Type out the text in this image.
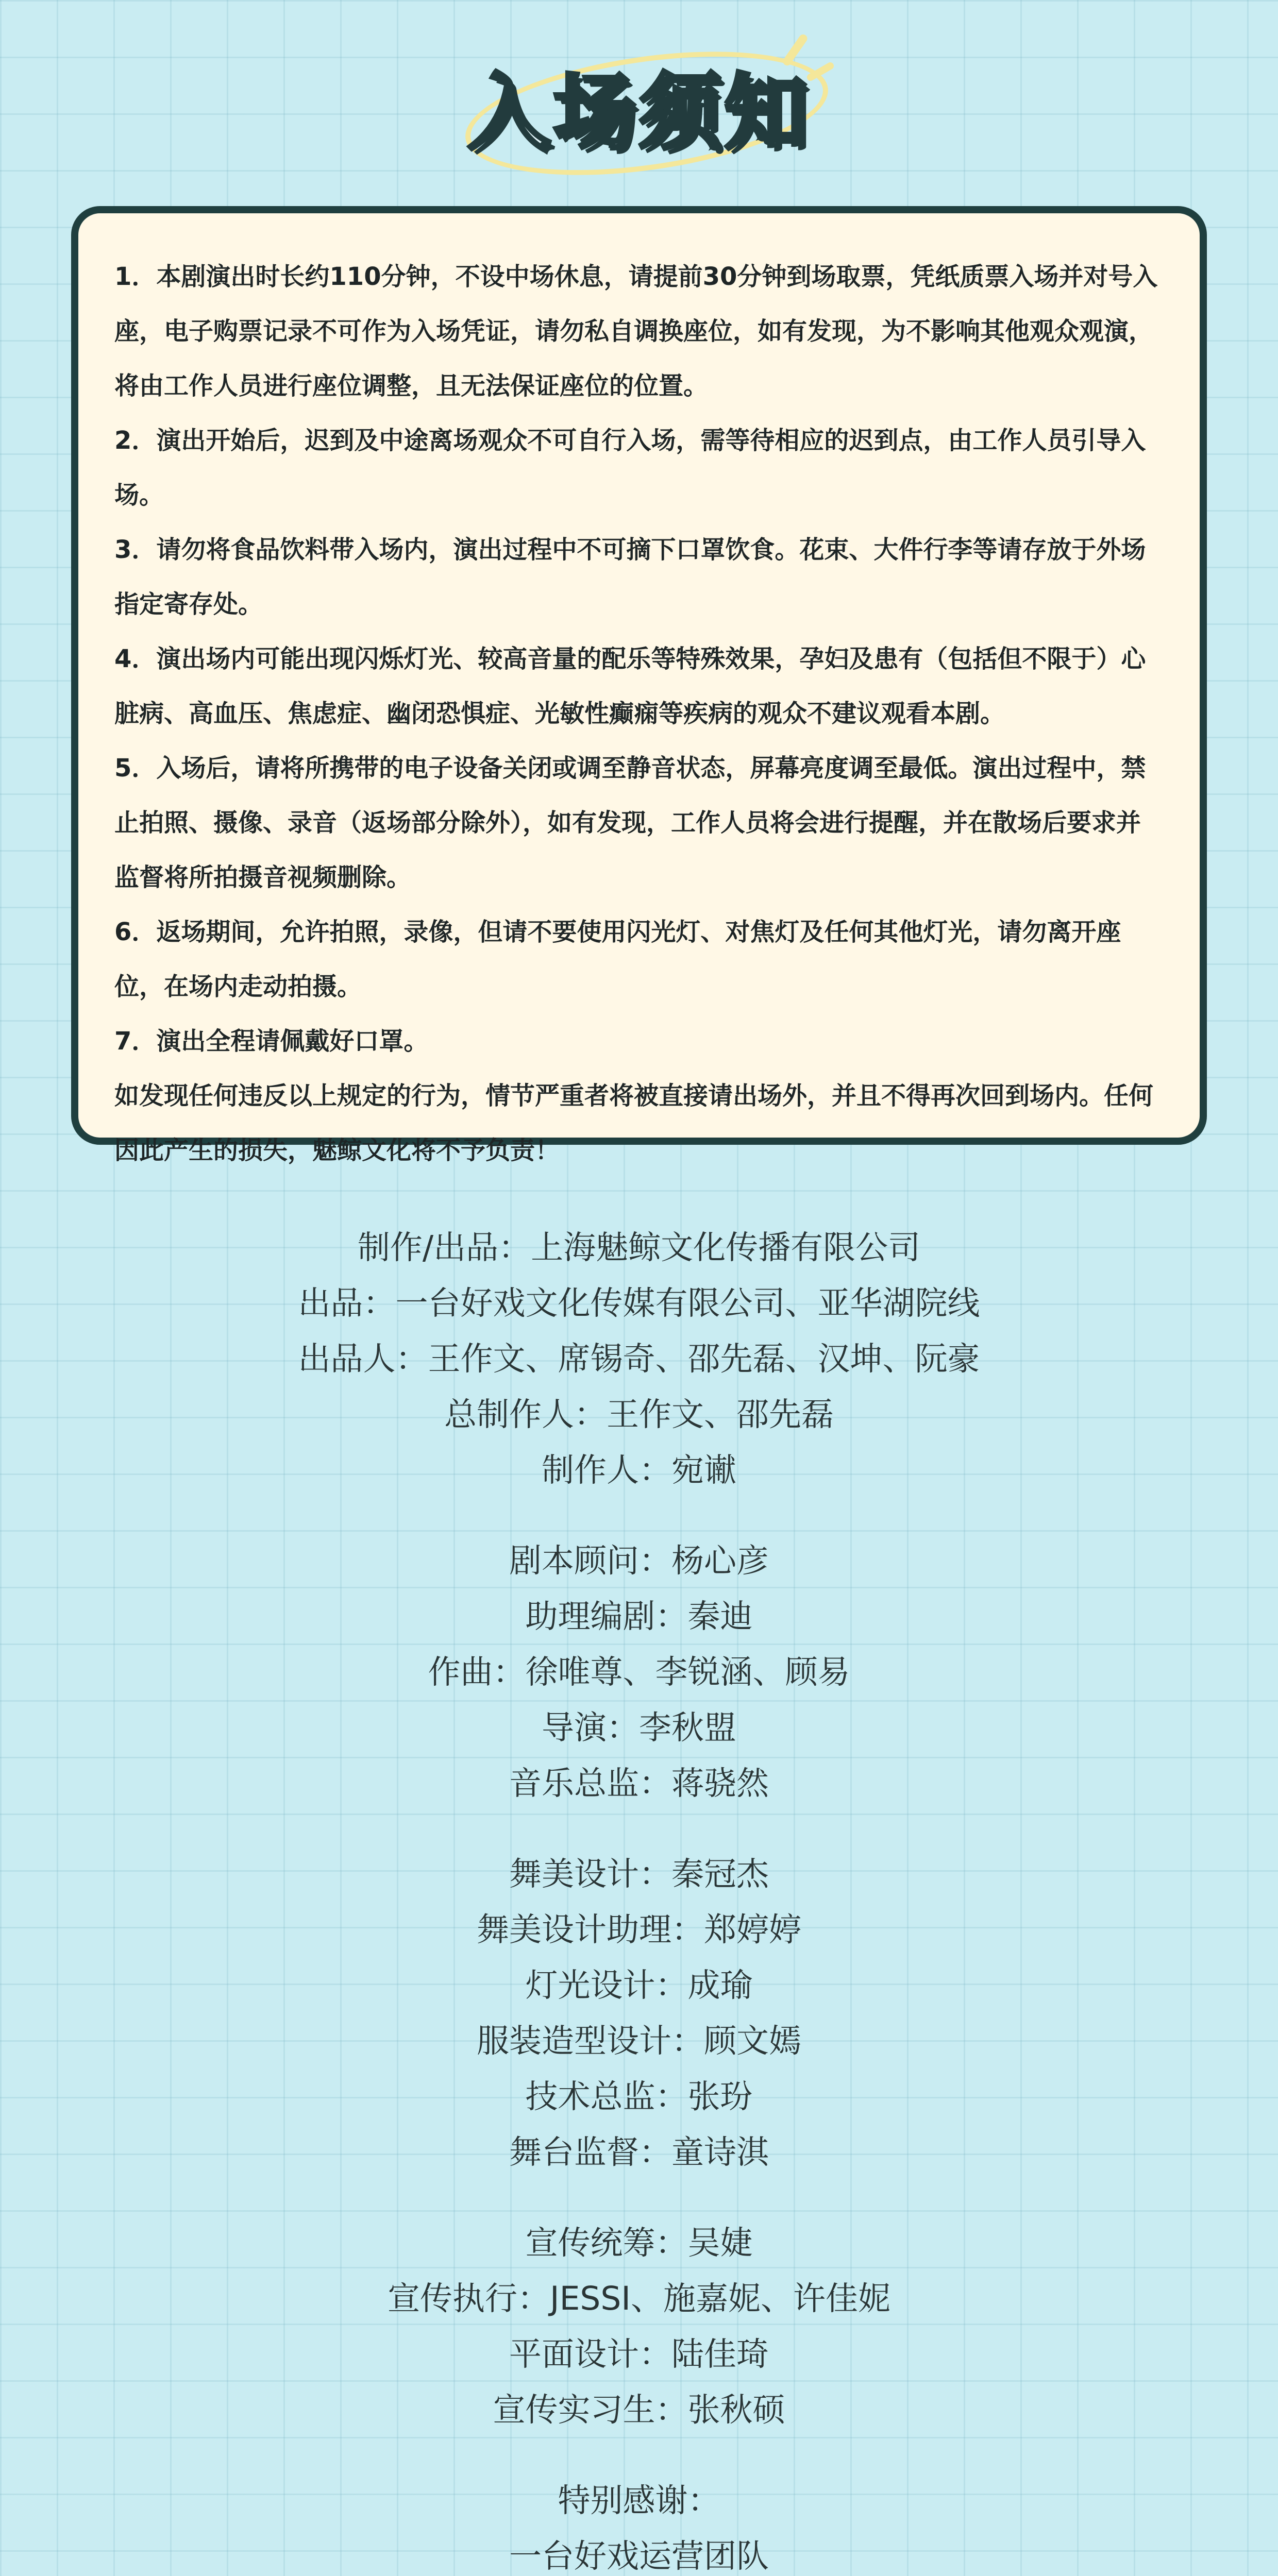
入场须知

1．本剧演出时长约110分钟，不设中场休息，请提前30分钟到场取票，凭纸质票入场并对号入座，电子购票记录不可作为入场凭证，请勿私自调换座位，如有发现，为不影响其他观众观演，将由工作人员进行座位调整，且无法保证座位的位置。

2．演出开始后，迟到及中途离场观众不可自行入场，需等待相应的迟到点，由工作人员引导入场。

3．请勿将食品饮料带入场内，演出过程中不可摘下口罩饮食。花束、大件行李等请存放于外场指定寄存处。

4．演出场内可能出现闪烁灯光、较高音量的配乐等特殊效果，孕妇及患有（包括但不限于）心脏病、高血压、焦虑症、幽闭恐惧症、光敏性癫痫等疾病的观众不建议观看本剧。

5．入场后，请将所携带的电子设备关闭或调至静音状态，屏幕亮度调至最低。演出过程中，禁止拍照、摄像、录音（返场部分除外），如有发现，工作人员将会进行提醒，并在散场后要求并监督将所拍摄音视频删除。

6．返场期间，允许拍照，录像，但请不要使用闪光灯、对焦灯及任何其他灯光，请勿离开座位，在场内走动拍摄。

7．演出全程请佩戴好口罩。

如发现任何违反以上规定的行为，情节严重者将被直接请出场外，并且不得再次回到场内。任何因此产生的损失，魅鲸文化将不予负责！

制作/出品：上海魅鲸文化传播有限公司
出品：一台好戏文化传媒有限公司、亚华湖院线
出品人：王作文、席锡奇、邵先磊、汉坤、阮豪
总制作人：王作文、邵先磊
制作人：宛谳
剧本顾问：杨心彦
助理编剧：秦迪
作曲：徐唯尊、李锐涵、顾易
导演：李秋盟
音乐总监：蒋骁然
舞美设计：秦冠杰
舞美设计助理：郑婷婷
灯光设计：成瑜
服装造型设计：顾文嫣
技术总监：张玢
舞台监督：童诗淇
宣传统筹：吴婕
宣传执行：JESSI、施嘉妮、许佳妮
平面设计：陆佳琦
宣传实习生：张秋硕
特别感谢：
一台好戏运营团队
